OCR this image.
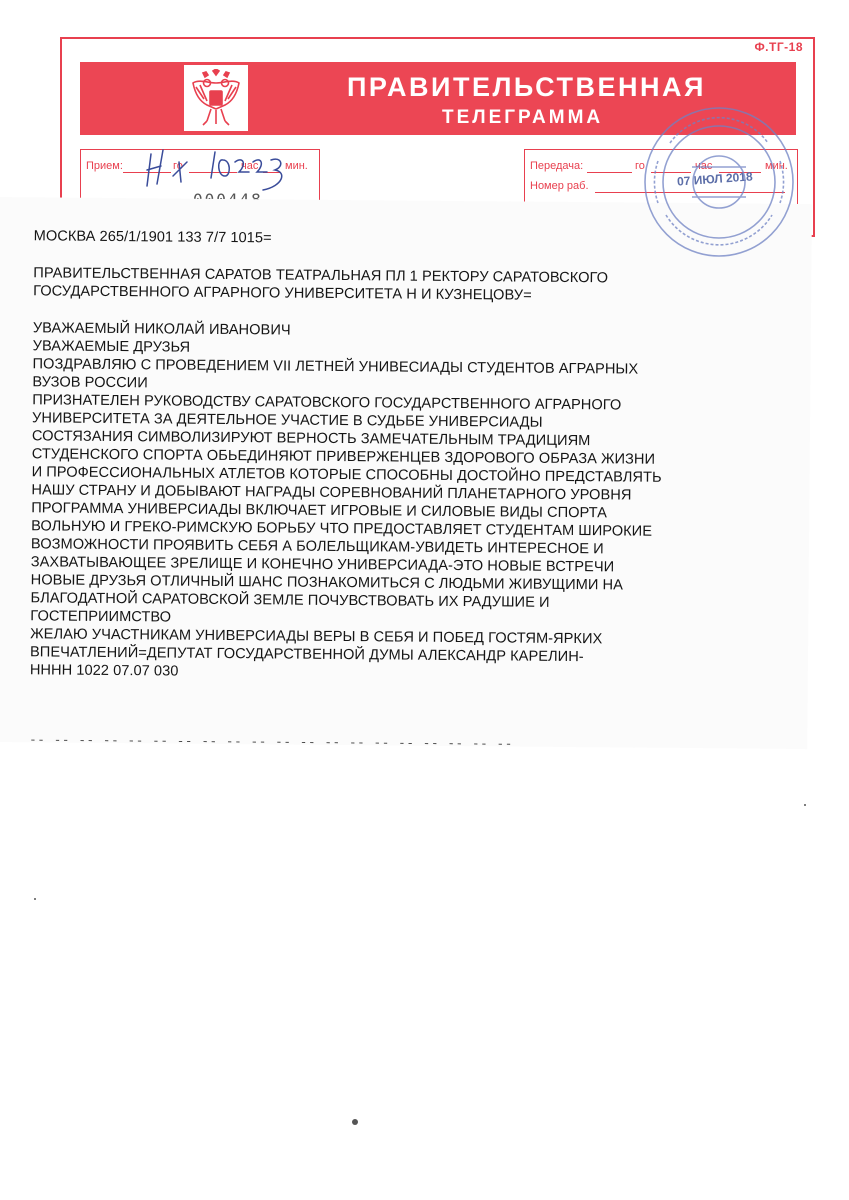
Ф.ТГ-18
ПРАВИТЕЛЬСТВЕННАЯ
ТЕЛЕГРАММА
Прием:	го	час мин.	Передача:	го	час	мин.
Номер раб.	07 ИЮЛ 2018
МОСКВА 265/1/1901 133 7/7 1015=
ПРАВИТЕЛЬСТВЕННАЯ САРАТОВ ТЕАТРАЛЬНАЯ ПЛ 1 РЕКТОРУ САРАТОВСКОГО
ГОСУДАРСТВЕННОГО АГРАРНОГО УНИВЕРСИТЕТА Н И КУЗНЕЦОВУ=
УВАЖАЕМЫЙ НИКОЛАЙ ИВАНОВИЧ
УВАЖАЕМЫЕ ДРУЗЬЯ
ПОЗДРАВЛЯЮ С ПРОВЕДЕНИЕМ VII ЛЕТНЕЙ УНИВЕСИАДЫ СТУДЕНТОВ АГРАРНЫХ
ВУЗОВ РОССИИ
ПРИЗНАТЕЛЕН РУКОВОДСТВУ САРАТОВСКОГО ГОСУДАРСТВЕННОГО АГРАРНОГО
УНИВЕРСИТЕТА ЗА ДЕЯТЕЛЬНОЕ УЧАСТИЕ В СУДЬБЕ УНИВЕРСИАДЫ
СОСТЯЗАНИЯ СИМВОЛИЗИРУЮТ ВЕРНОСТЬ ЗАМЕЧАТЕЛЬНЫМ ТРАДИЦИЯМ
СТУДЕНСКОГО СПОРТА ОБЬЕДИНЯЮТ ПРИВЕРЖЕНЦЕВ ЗДОРОВОГО ОБРАЗА ЖИЗНИ
И ПРОФЕССИОНАЛЬНЫХ АТЛЕТОВ КОТОРЫЕ СПОСОБНЫ ДОСТОЙНО ПРЕДСТАВЛЯТЬ
НАШУ СТРАНУ И ДОБЫВАЮТ НАГРАДЫ СОРЕВНОВАНИЙ ПЛАНЕТАРНОГО УРОВНЯ
ПРОГРАММА УНИВЕРСИАДЫ ВКЛЮЧАЕТ ИГРОВЫЕ И СИЛОВЫЕ ВИДЫ СПОРТА
ВОЛЬНУЮ И ГРЕКО-РИМСКУЮ БОРЬБУ ЧТО ПРЕДОСТАВЛЯЕТ СТУДЕНТАМ ШИРОКИЕ
ВОЗМОЖНОСТИ ПРОЯВИТЬ СЕБЯ А БОЛЕЛЬЩИКАМ-УВИДЕТЬ ИНТЕРЕСНОЕ И
ЗАХВАТЫВАЮЩЕЕ ЗРЕЛИЩЕ И КОНЕЧНО УНИВЕРСИАДА-ЭТО НОВЫЕ ВСТРЕЧИ
НОВЫЕ ДРУЗЬЯ ОТЛИЧНЫЙ ШАНС ПОЗНАКОМИТЬСЯ С ЛЮДЬМИ ЖИВУЩИМИ НА
БЛАГОДАТНОЙ САРАТОВСКОЙ ЗЕМЛЕ ПОЧУВСТВОВАТЬ ИХ РАДУШИЕ И
ГОСТЕПРИИМСТВО
ЖЕЛАЮ УЧАСТНИКАМ УНИВЕРСИАДЫ ВЕРЫ В СЕБЯ И ПОБЕД ГОСТЯМ-ЯРКИХ
ВПЕЧАТЛЕНИЙ=ДЕПУТАТ ГОСУДАРСТВЕННОЙ ДУМЫ АЛЕКСАНДР КАРЕЛИН-
НННН 1022 07.07 030
-- -- -- -- -- -- -- -- -- -- -- -- -- -- -- -- -- -- -- --
